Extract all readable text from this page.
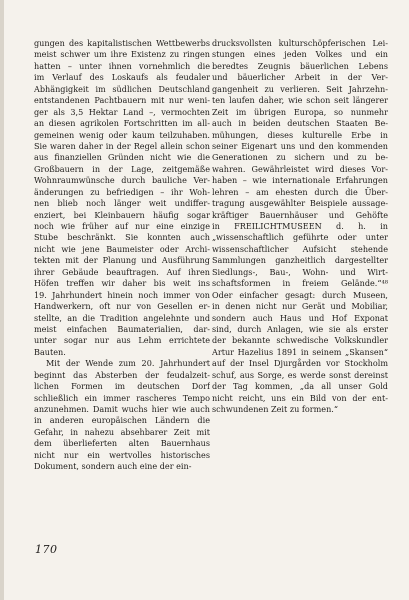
gungen des kapitalistischen Wettbewerbs
meist schwer um ihre Existenz zu ringen
hatten – unter ihnen vornehmlich die
im Verlauf des Loskaufs als feudaler
Abhängigkeit im südlichen Deutschland
entstandenen Pachtbauern mit nur weni-
ger als 3,5 Hektar Land –, vermochten
an diesen agrikolen Fortschritten im all-
gemeinen wenig oder kaum teilzuhaben.
Sie waren daher in der Regel allein schon
aus finanziellen Gründen nicht wie die
Großbauern in der Lage, zeitgemäße
Wohnraumwünsche durch bauliche Ver-
änderungen zu befriedigen – ihr Woh-
nen blieb noch länger weit undiffer-
enziert, bei Kleinbauern häufig sogar
noch wie früher auf nur eine einzige
Stube beschränkt. Sie konnten auch
nicht wie jene Baumeister oder Archi-
tekten mit der Planung und Ausführung
ihrer Gebäude beauftragen. Auf ihren
Höfen treffen wir daher bis weit ins
19. Jahrhundert hinein noch immer von
Handwerkern, oft nur von Gesellen er-
stellte, an die Tradition angelehnte und
meist einfachen Baumaterialien, dar-
unter sogar nur aus Lehm errichtete
Bauten.
Mit der Wende zum 20. Jahrhundert
beginnt das Absterben der feudalzeit-
lichen Formen im deutschen Dorf
schließlich ein immer rascheres Tempo
anzunehmen. Damit wuchs hier wie auch
in anderen europäischen Ländern die
Gefahr, in nahezu absehbarer Zeit mit
dem überlieferten alten Bauernhaus
nicht nur ein wertvolles historisches
Dokument, sondern auch eine der ein-
drucksvollsten kulturschöpferischen Lei-
stungen eines jeden Volkes und ein
beredtes Zeugnis bäuerlichen Lebens
und bäuerlicher Arbeit in der Ver-
gangenheit zu verlieren. Seit Jahrzehn-
ten laufen daher, wie schon seit längerer
Zeit im übrigen Europa, so nunmehr
auch in beiden deutschen Staaten Be-
mühungen, dieses kulturelle Erbe in
seiner Eigenart uns und den kommenden
Generationen zu sichern und zu be-
wahren. Gewährleistet wird dieses Vor-
haben – wie internationale Erfahrungen
lehren – am ehesten durch die Über-
tragung ausgewählter Beispiele aussage-
kräftiger Bauernhäuser und Gehöfte
in FREILICHTMUSEEN d. h. in
„wissenschaftlich geführte oder unter
wissenschaftlicher Aufsicht stehende
Sammlungen ganzheitlich dargestellter
Siedlungs-, Bau-, Wohn- und Wirt-
schaftsformen in freiem Gelände.“⁴⁸
Oder einfacher gesagt: durch Museen,
in denen nicht nur Gerät und Mobiliar,
sondern auch Haus und Hof Exponat
sind, durch Anlagen, wie sie als erster
der bekannte schwedische Volkskundler
Artur Hazelius 1891 in seinem „Skansen“
auf der Insel Djurgården vor Stockholm
schuf, aus Sorge, es werde sonst dereinst
der Tag kommen, „da all unser Gold
nicht reicht, uns ein Bild von der ent-
schwundenen Zeit zu formen.“
170
